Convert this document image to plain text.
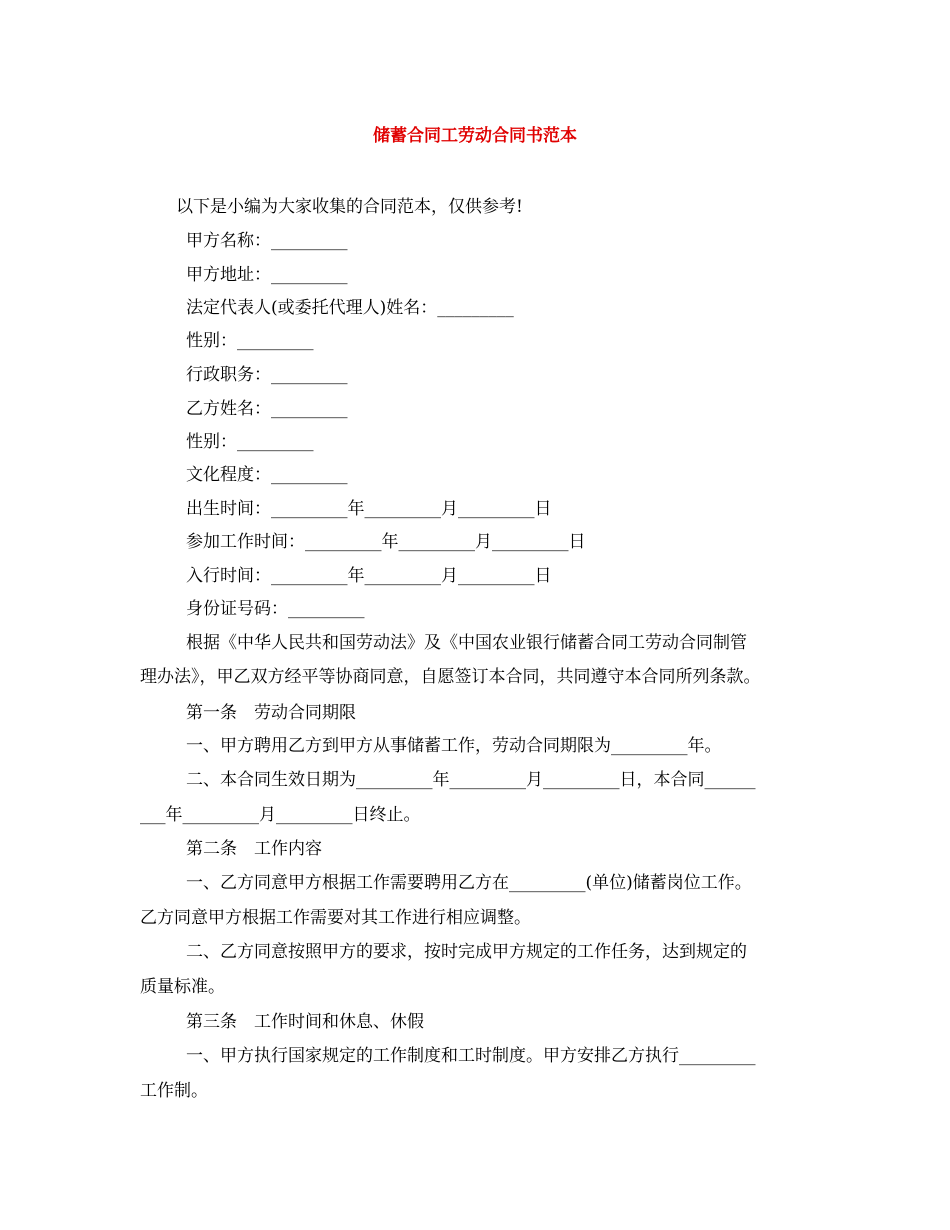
储蓄合同工劳动合同书范本
以下是小编为大家收集的合同范本，仅供参考!
甲方名称：_________
甲方地址：_________
法定代表人(或委托代理人)姓名：_________
性别：_________
行政职务：_________
乙方姓名：_________
性别：_________
文化程度：_________
出生时间：_________年_________月_________日
参加工作时间：_________年_________月_________日
入行时间：_________年_________月_________日
身份证号码：_________
根据《中华人民共和国劳动法》及《中国农业银行储蓄合同工劳动合同制管
理办法》，甲乙双方经平等协商同意，自愿签订本合同，共同遵守本合同所列条款。
第一条　劳动合同期限
一、甲方聘用乙方到甲方从事储蓄工作，劳动合同期限为_________年。
二、本合同生效日期为_________年_________月_________日，本合同______
___年_________月_________日终止。
第二条　工作内容
一、乙方同意甲方根据工作需要聘用乙方在_________(单位)储蓄岗位工作。
乙方同意甲方根据工作需要对其工作进行相应调整。
二、乙方同意按照甲方的要求，按时完成甲方规定的工作任务，达到规定的
质量标准。
第三条　工作时间和休息、休假
一、甲方执行国家规定的工作制度和工时制度。甲方安排乙方执行_________
工作制。
